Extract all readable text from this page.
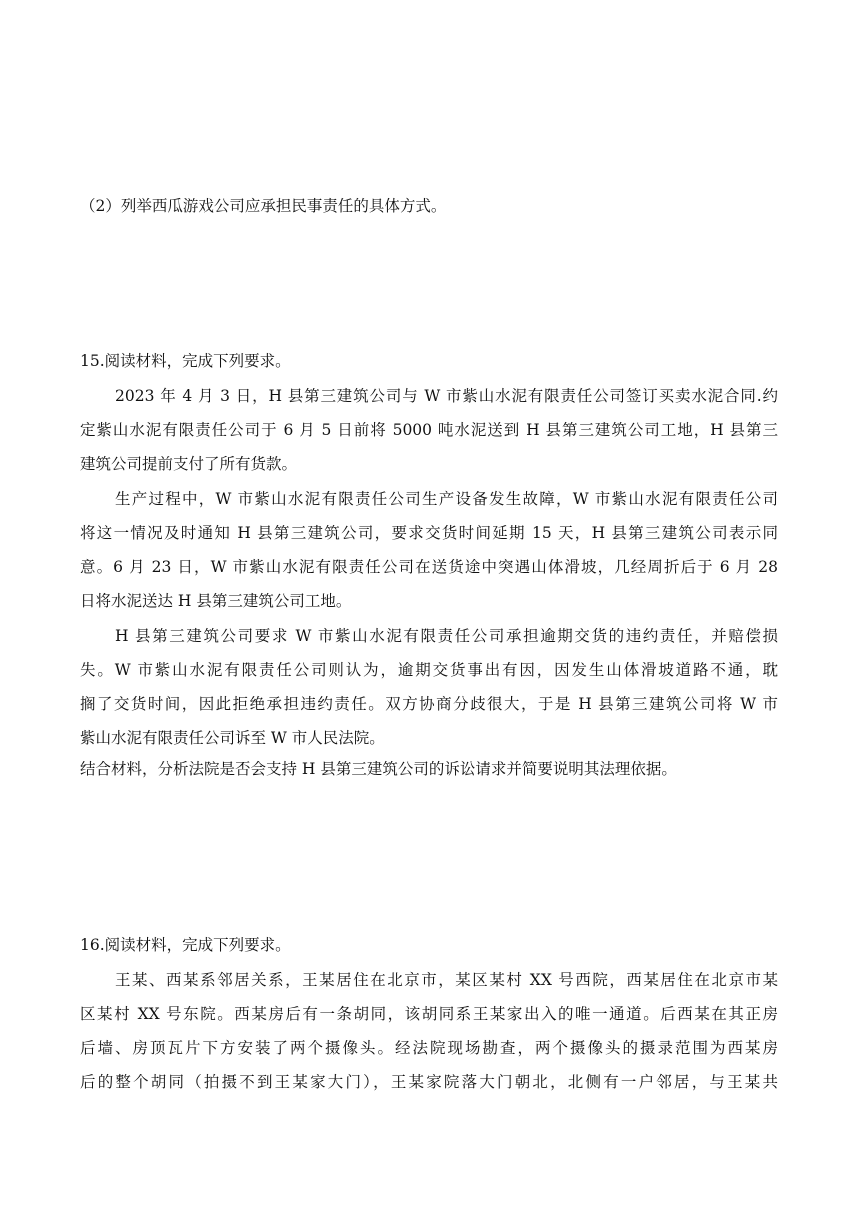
（2）列举西瓜游戏公司应承担民事责任的具体方式。
15.阅读材料，完成下列要求。
2023 年 4 月 3 日，H 县第三建筑公司与 W 市紫山水泥有限责任公司签订买卖水泥合同.约
定紫山水泥有限责任公司于 6 月 5 日前将 5000 吨水泥送到 H 县第三建筑公司工地，H 县第三
建筑公司提前支付了所有货款。
生产过程中，W 市紫山水泥有限责任公司生产设备发生故障，W 市紫山水泥有限责任公司
将这一情况及时通知 H 县第三建筑公司，要求交货时间延期 15 天，H 县第三建筑公司表示同
意。6 月 23 日，W 市紫山水泥有限责任公司在送货途中突遇山体滑坡，几经周折后于 6 月 28
日将水泥送达 H 县第三建筑公司工地。
H 县第三建筑公司要求 W 市紫山水泥有限责任公司承担逾期交货的违约责任，并赔偿损
失。W 市紫山水泥有限责任公司则认为，逾期交货事出有因，因发生山体滑坡道路不通，耽
搁了交货时间，因此拒绝承担违约责任。双方协商分歧很大，于是 H 县第三建筑公司将 W 市
紫山水泥有限责任公司诉至 W 市人民法院。
结合材料，分析法院是否会支持 H 县第三建筑公司的诉讼请求并简要说明其法理依据。
16.阅读材料，完成下列要求。
王某、西某系邻居关系，王某居住在北京市，某区某村 XX 号西院，西某居住在北京市某
区某村 XX 号东院。西某房后有一条胡同，该胡同系王某家出入的唯一通道。后西某在其正房
后墙、房顶瓦片下方安装了两个摄像头。经法院现场勘查，两个摄像头的摄录范围为西某房
后的整个胡同（拍摄不到王某家大门），王某家院落大门朝北，北侧有一户邻居，与王某共
